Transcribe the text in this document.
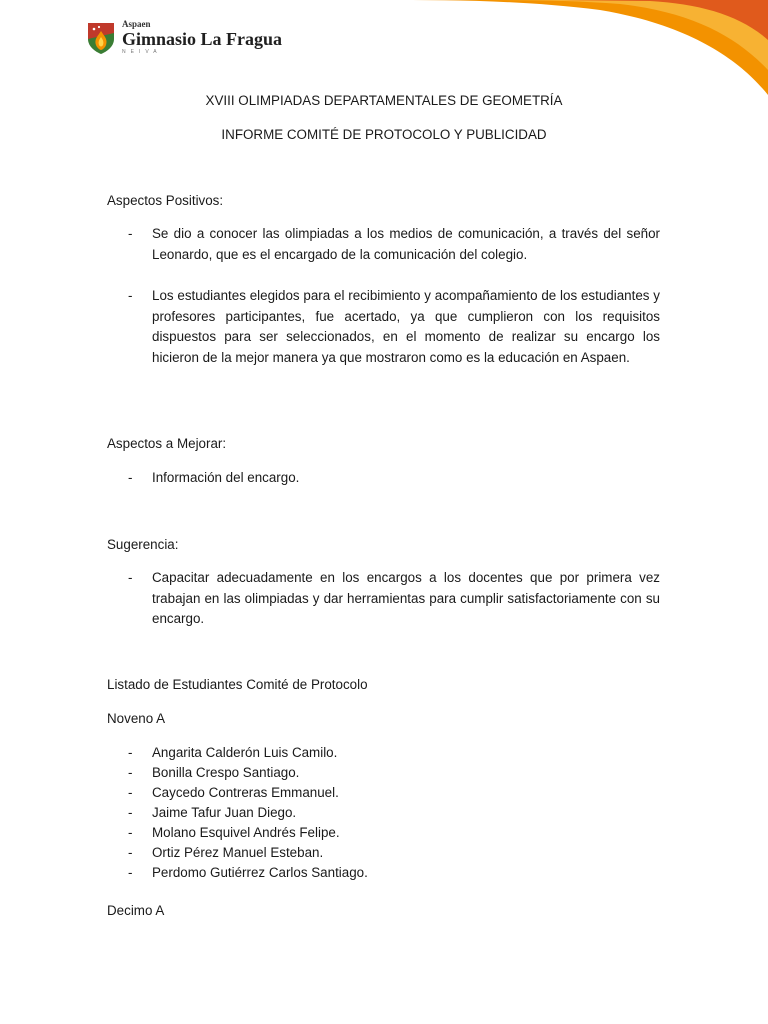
Aspaen
Gimnasio La Fragua
NEIVA
XVIII OLIMPIADAS DEPARTAMENTALES DE GEOMETRÍA
INFORME COMITÉ DE PROTOCOLO Y PUBLICIDAD
Aspectos Positivos:
- Se dio a conocer las olimpiadas a los medios de comunicación, a través del señor Leonardo, que es el encargado de la comunicación del colegio.
- Los estudiantes elegidos para el recibimiento y acompañamiento de los estudiantes y profesores participantes, fue acertado, ya que cumplieron con los requisitos dispuestos para ser seleccionados, en el momento de realizar su encargo los hicieron de la mejor manera ya que mostraron como es la educación en Aspaen.
Aspectos a Mejorar:
- Información del encargo.
Sugerencia:
- Capacitar adecuadamente en los encargos a los docentes que por primera vez trabajan en las olimpiadas y dar herramientas para cumplir satisfactoriamente con su encargo.
Listado de Estudiantes Comité de Protocolo
Noveno A
- Angarita Calderón Luis Camilo.
- Bonilla Crespo Santiago.
- Caycedo Contreras Emmanuel.
- Jaime Tafur Juan Diego.
- Molano Esquivel Andrés Felipe.
- Ortiz Pérez Manuel Esteban.
- Perdomo Gutiérrez Carlos Santiago.
Decimo A
